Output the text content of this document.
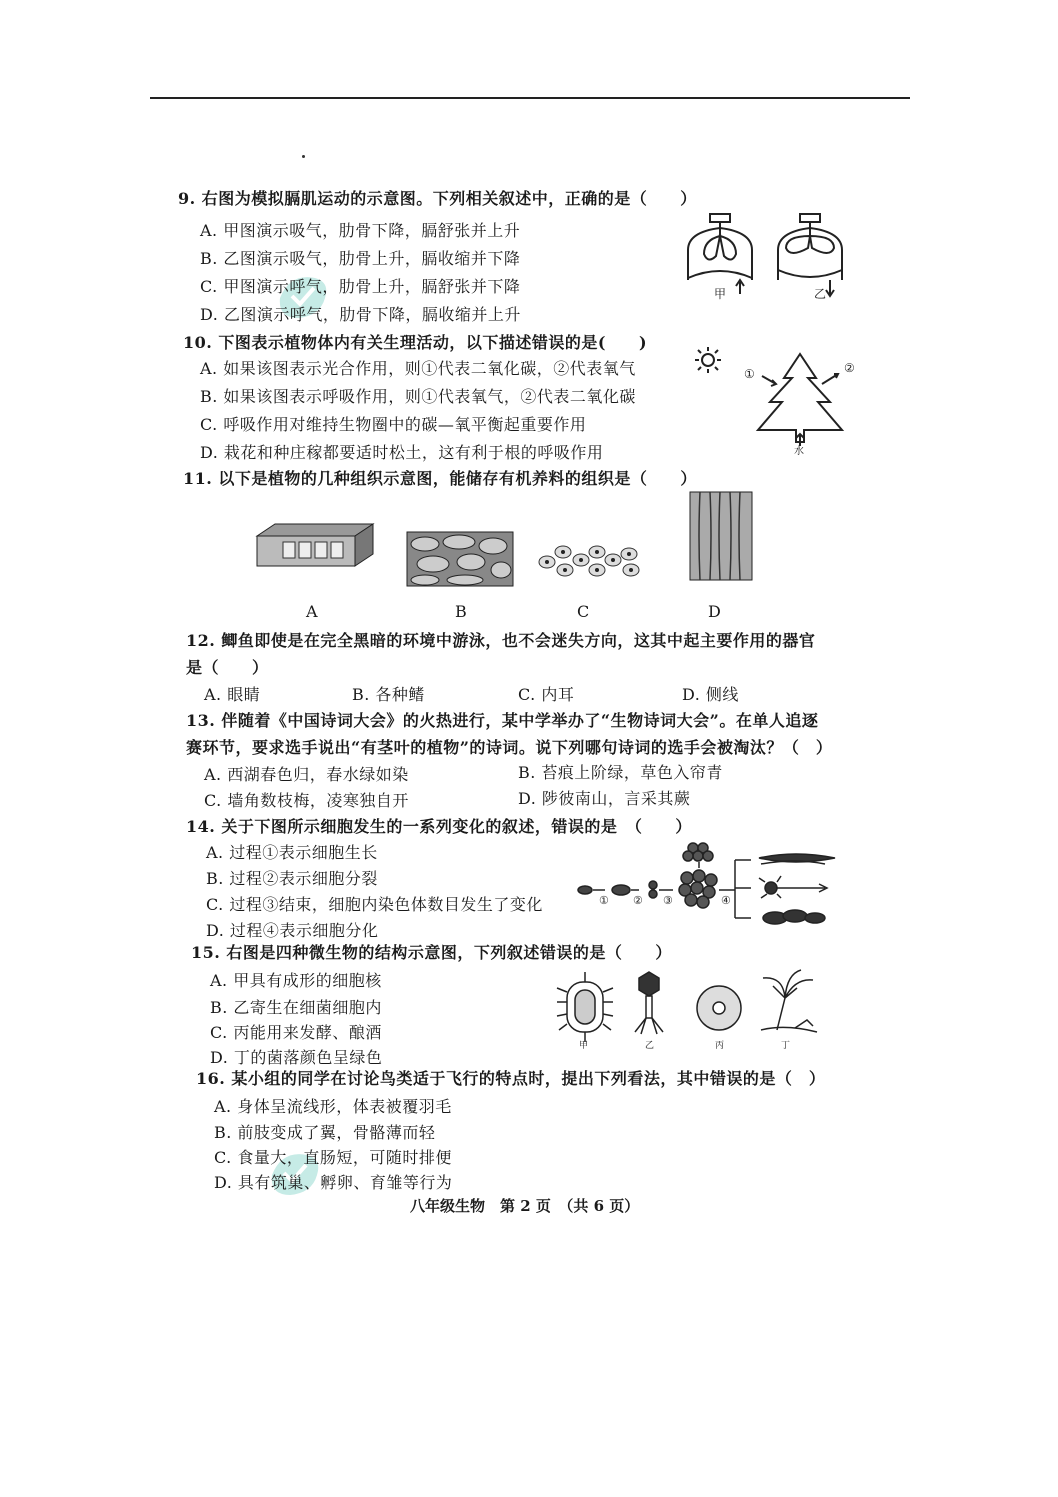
9. 右图为模拟膈肌运动的示意图。下列相关叙述中，正确的是（　　）
A. 甲图演示吸气，肋骨下降，膈舒张并上升
B. 乙图演示吸气，肋骨上升，膈收缩并下降
C. 甲图演示呼气，肋骨上升，膈舒张并下降
D. 乙图演示呼气，肋骨下降，膈收缩并上升
甲	乙
10. 下图表示植物体内有关生理活动，以下描述错误的是(　　)
A. 如果该图表示光合作用，则①代表二氧化碳，②代表氧气
B. 如果该图表示呼吸作用，则①代表氧气，②代表二氧化碳
C. 呼吸作用对维持生物圈中的碳—氧平衡起重要作用
D. 栽花和种庄稼都要适时松土，这有利于根的呼吸作用
①	②
水
11. 以下是植物的几种组织示意图，能储存有机养料的组织是（　　）
A	B	C	D
12. 鲫鱼即使是在完全黑暗的环境中游泳，也不会迷失方向，这其中起主要作用的器官
是（　　）
A. 眼睛	B. 各种鳍	C. 内耳	D. 侧线
13. 伴随着《中国诗词大会》的火热进行，某中学举办了“生物诗词大会”。在单人追逐
赛环节，要求选手说出“有茎叶的植物”的诗词。说下列哪句诗词的选手会被淘汰？（　）
A. 西湖春色归，春水绿如染	B. 苔痕上阶绿，草色入帘青
C. 墙角数枝梅，凌寒独自开	D. 陟彼南山，言采其蕨
14. 关于下图所示细胞发生的一系列变化的叙述，错误的是　（　　）
A. 过程①表示细胞生长
B. 过程②表示细胞分裂
C. 过程③结束，细胞内染色体数目发生了变化
D. 过程④表示细胞分化
① ② ③	④
15. 右图是四种微生物的结构示意图，下列叙述错误的是（　　）
A. 甲具有成形的细胞核
B. 乙寄生在细菌细胞内
C. 丙能用来发酵、酿酒
D. 丁的菌落颜色呈绿色
甲	乙	丙	丁
16. 某小组的同学在讨论鸟类适于飞行的特点时，提出下列看法，其中错误的是（　）
A. 身体呈流线形，体表被覆羽毛
B. 前肢变成了翼，骨骼薄而轻
C. 食量大，直肠短，可随时排便
D. 具有筑巢、孵卵、育雏等行为
八年级生物　第 2 页　（共 6 页）
